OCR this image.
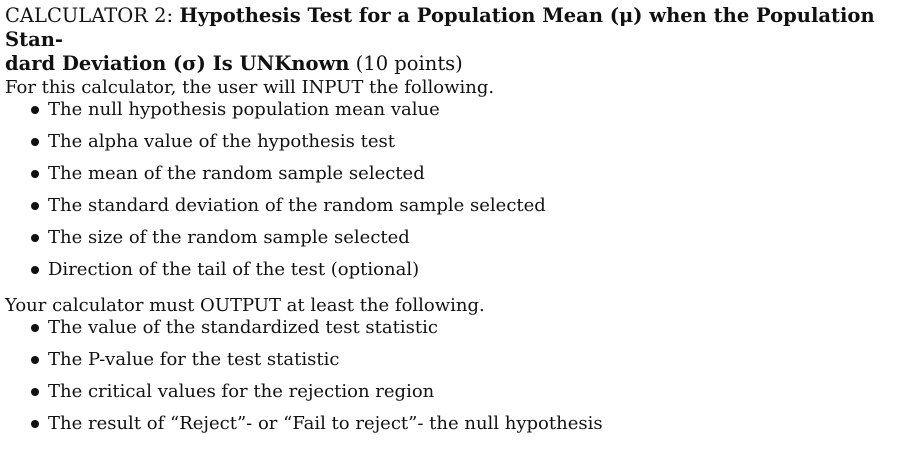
CALCULATOR 2: Hypothesis Test for a Population Mean (μ) when the Population Stan-
dard Deviation (σ) Is UNKnown (10 points)

For this calculator, the user will INPUT the following.

The null hypothesis population mean value
The alpha value of the hypothesis test
The mean of the random sample selected
The standard deviation of the random sample selected
The size of the random sample selected
Direction of the tail of the test (optional)

Your calculator must OUTPUT at least the following.

The value of the standardized test statistic
The P-value for the test statistic
The critical values for the rejection region
The result of “Reject”- or “Fail to reject”- the null hypothesis
